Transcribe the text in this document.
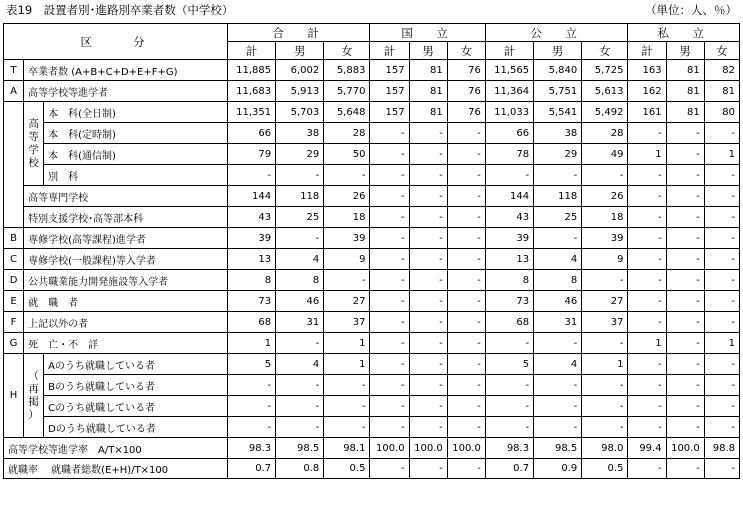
表19　設置者別･進路別卒業者数（中学校）	（単位：人、％）
区　　分			合　計			国　立			公　立			私　立		
			計	男	女	計	男	女	計	男	女	計	男	女
T	卒業者数 (A+B+C+D+E+F+G)		11,885	6,002	5,883	157	81	76	11,565	5,840	5,725	163	81	82
A	高等学校等進学者		11,683	5,913	5,770	157	81	76	11,364	5,751	5,613	162	81	81
	高
等
学
校	本　科(全日制)	11,351	5,703	5,648	157	81	76	11,033	5,541	5,492	161	81	80
		本　科(定時制)	66	38	28	-	-	-	66	38	28	-	-	-
		本　科(通信制)	79	29	50	-	-	-	78	29	49	1	-	1
		別　科	-	-	-	-	-	-	-	-	-	-	-	-
	高等専門学校		144	118	26	-	-	-	144	118	26	-	-	-
	特別支援学校･高等部本科		43	25	18	-	-	-	43	25	18	-	-	-
B	専修学校(高等課程)進学者		39	-	39	-	-	-	39	-	39	-	-	-
C	専修学校(一般課程)等入学者		13	4	9	-	-	-	13	4	9	-	-	-
D	公共職業能力開発施設等入学者		8	8	-	-	-	-	8	8	-	-	-	-
E	就　職　者		73	46	27	-	-	-	73	46	27	-	-	-
F	上記以外の者		68	31	37	-	-	-	68	31	37	-	-	-
G	死　亡・不　詳		1	-	1	-	-	-	-	-	-	1	-	1
H	（
再
掲
）	Aのうち就職している者	5	4	1	-	-	-	5	4	1	-	-	-
		Bのうち就職している者	-	-	-	-	-	-	-	-	-	-	-	-
		Cのうち就職している者	-	-	-	-	-	-	-	-	-	-	-	-
		Dのうち就職している者	-	-	-	-	-	-	-	-	-	-	-	-
高等学校等進学率　A/T×100			98.3	98.5	98.1	100.0	100.0	100.0	98.3	98.5	98.0	99.4	100.0	98.8
就職率　 就職者総数(E+H)/T×100			0.7	0.8	0.5	-	-	-	0.7	0.9	0.5	-	-	-
